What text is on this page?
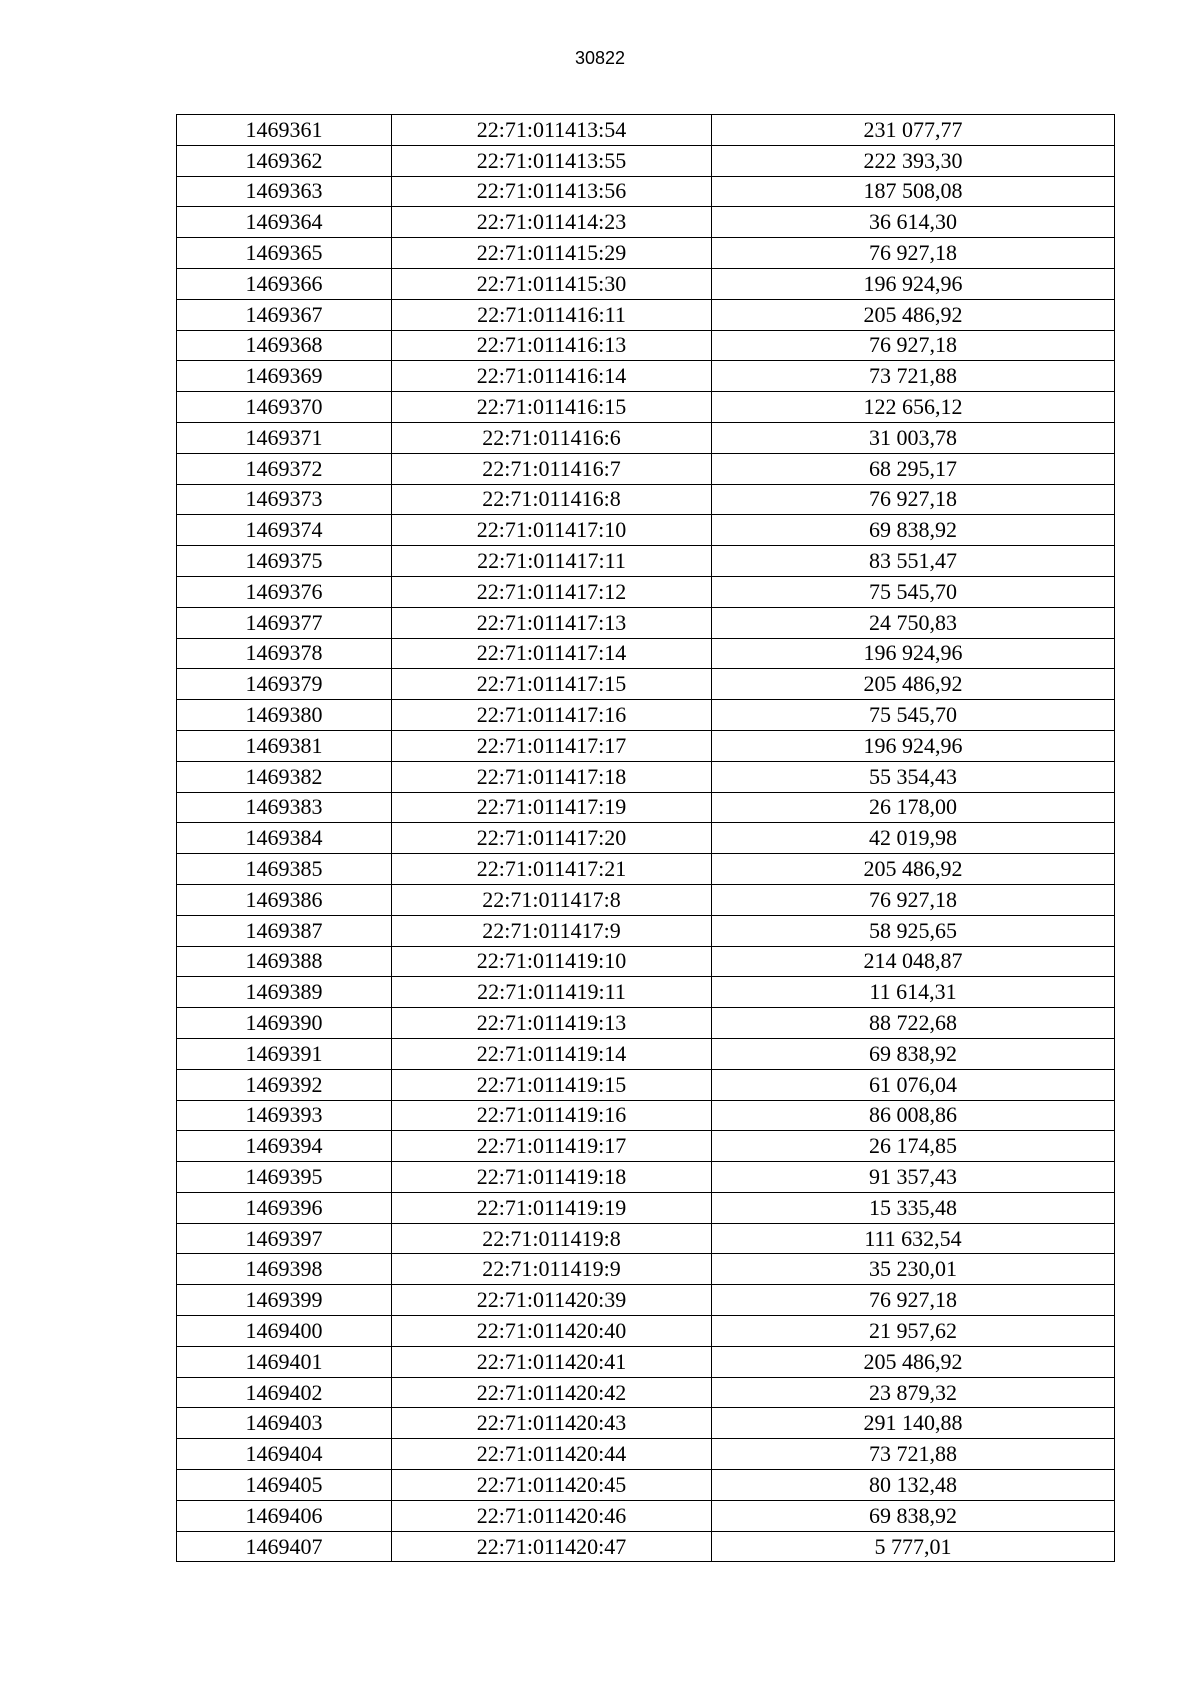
30822
1469361	22:71:011413:54	231 077,77
1469362	22:71:011413:55	222 393,30
1469363	22:71:011413:56	187 508,08
1469364	22:71:011414:23	36 614,30
1469365	22:71:011415:29	76 927,18
1469366	22:71:011415:30	196 924,96
1469367	22:71:011416:11	205 486,92
1469368	22:71:011416:13	76 927,18
1469369	22:71:011416:14	73 721,88
1469370	22:71:011416:15	122 656,12
1469371	22:71:011416:6	31 003,78
1469372	22:71:011416:7	68 295,17
1469373	22:71:011416:8	76 927,18
1469374	22:71:011417:10	69 838,92
1469375	22:71:011417:11	83 551,47
1469376	22:71:011417:12	75 545,70
1469377	22:71:011417:13	24 750,83
1469378	22:71:011417:14	196 924,96
1469379	22:71:011417:15	205 486,92
1469380	22:71:011417:16	75 545,70
1469381	22:71:011417:17	196 924,96
1469382	22:71:011417:18	55 354,43
1469383	22:71:011417:19	26 178,00
1469384	22:71:011417:20	42 019,98
1469385	22:71:011417:21	205 486,92
1469386	22:71:011417:8	76 927,18
1469387	22:71:011417:9	58 925,65
1469388	22:71:011419:10	214 048,87
1469389	22:71:011419:11	11 614,31
1469390	22:71:011419:13	88 722,68
1469391	22:71:011419:14	69 838,92
1469392	22:71:011419:15	61 076,04
1469393	22:71:011419:16	86 008,86
1469394	22:71:011419:17	26 174,85
1469395	22:71:011419:18	91 357,43
1469396	22:71:011419:19	15 335,48
1469397	22:71:011419:8	111 632,54
1469398	22:71:011419:9	35 230,01
1469399	22:71:011420:39	76 927,18
1469400	22:71:011420:40	21 957,62
1469401	22:71:011420:41	205 486,92
1469402	22:71:011420:42	23 879,32
1469403	22:71:011420:43	291 140,88
1469404	22:71:011420:44	73 721,88
1469405	22:71:011420:45	80 132,48
1469406	22:71:011420:46	69 838,92
1469407	22:71:011420:47	5 777,01
